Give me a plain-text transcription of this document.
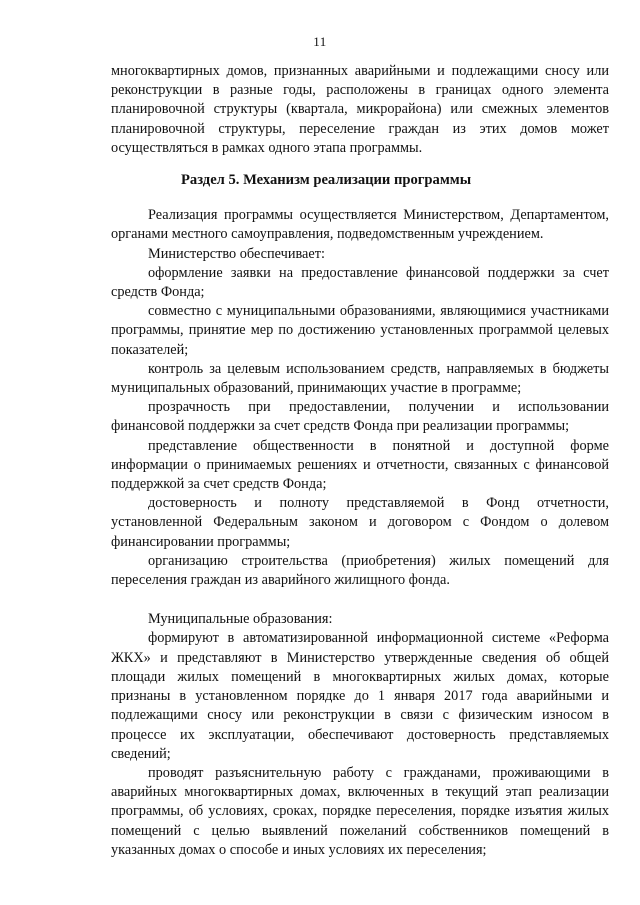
11

многоквартирных домов, признанных аварийными и подлежащими сносу или реконструкции в разные годы, расположены в границах одного элемента планировочной структуры (квартала, микрорайона) или смежных элементов планировочной структуры, переселение граждан из этих домов может осуществляться в рамках одного этапа программы.

Раздел 5. Механизм реализации программы

Реализация программы осуществляется Министерством, Департаментом, органами местного самоуправления, подведомственным учреждением.

Министерство обеспечивает:

оформление заявки на предоставление финансовой поддержки за счет средств Фонда;

совместно с муниципальными образованиями, являющимися участниками программы, принятие мер по достижению установленных программой целевых показателей;

контроль за целевым использованием средств, направляемых в бюджеты муниципальных образований, принимающих участие в программе;

прозрачность при предоставлении, получении и использовании финансовой поддержки за счет средств Фонда при реализации программы;

представление общественности в понятной и доступной форме информации о принимаемых решениях и отчетности, связанных с финансовой поддержкой за счет средств Фонда;

достоверность и полноту представляемой в Фонд отчетности, установленной Федеральным законом и договором с Фондом о долевом финансировании программы;

организацию строительства (приобретения) жилых помещений для переселения граждан из аварийного жилищного фонда.

Муниципальные образования:

формируют в автоматизированной информационной системе «Реформа ЖКХ» и представляют в Министерство утвержденные сведения об общей площади жилых помещений в многоквартирных жилых домах, которые признаны в установленном порядке до 1 января 2017 года аварийными и подлежащими сносу или реконструкции в связи с физическим износом в процессе их эксплуатации, обеспечивают достоверность представляемых сведений;

проводят разъяснительную работу с гражданами, проживающими в аварийных многоквартирных домах, включенных в текущий этап реализации программы, об условиях, сроках, порядке переселения, порядке изъятия жилых помещений с целью выявлений пожеланий собственников помещений в указанных домах о способе и иных условиях их переселения;
